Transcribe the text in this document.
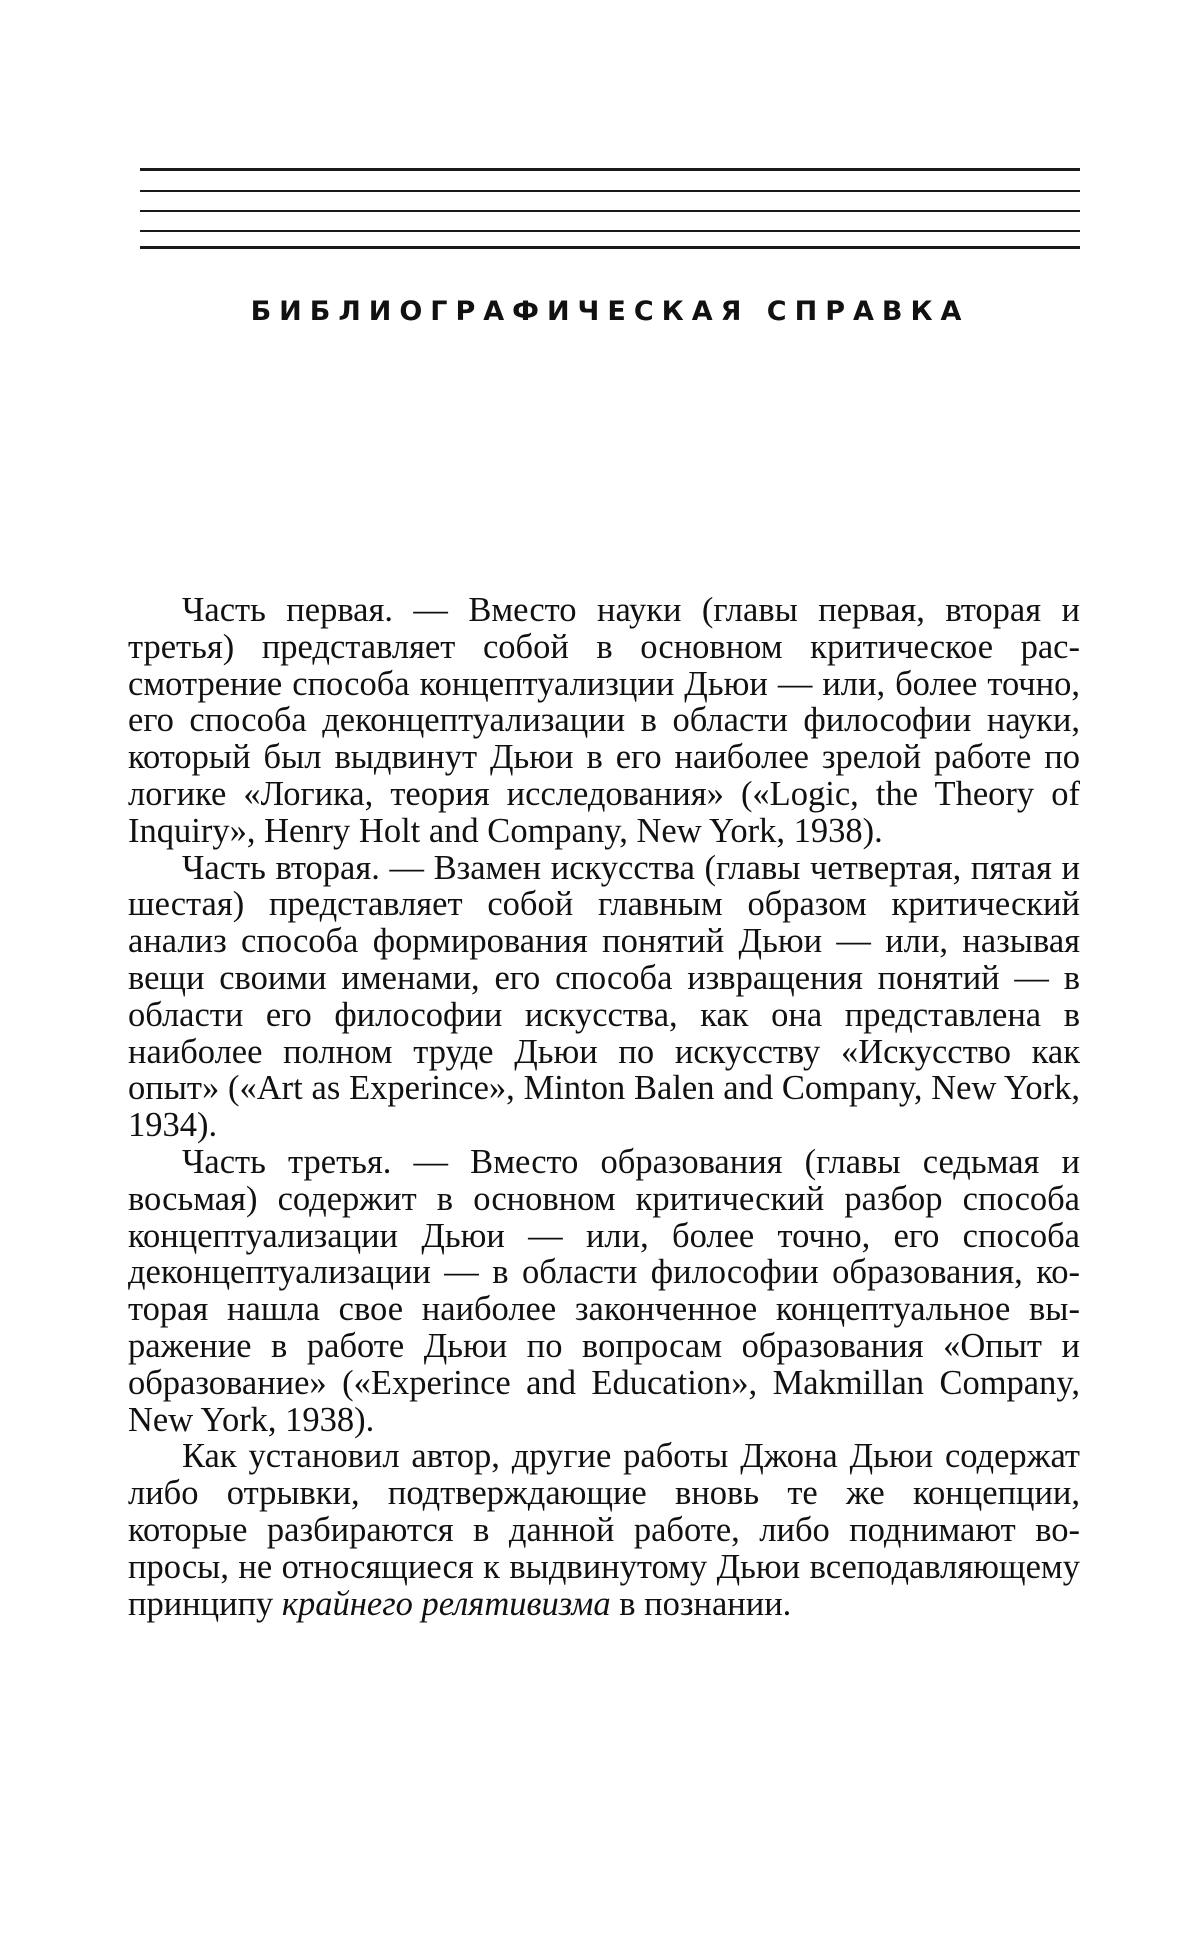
БИБЛИОГРАФИЧЕСКАЯ СПРАВКА

Часть первая. — Вместо науки (главы первая, вторая и третья) представляет собой в основном критическое рассмотрение способа концептуализции Дьюи — или, более точно, его способа деконцептуализации в области философии науки, который был выдвинут Дьюи в его наиболее зрелой работе по логике «Логика, теория исследования» («Logic, the Theory of Inquiry», Henry Holt and Company, New York, 1938).

Часть вторая. — Взамен искусства (главы четвертая, пятая и шестая) представляет собой главным образом критический анализ способа формирования понятий Дьюи — или, называя вещи своими именами, его способа извращения понятий — в области его философии искусства, как она представлена в наиболее полном труде Дьюи по искусству «Искусство как опыт» («Art as Experince», Minton Balen and Company, New York, 1934).

Часть третья. — Вместо образования (главы седьмая и восьмая) содержит в основном критический разбор способа концептуализации Дьюи — или, более точно, его способа деконцептуализации — в области философии образования, которая нашла свое наиболее законченное концептуальное выражение в работе Дьюи по вопросам образования «Опыт и образование» («Experince and Education», Makmillan Company, New York, 1938).

Как установил автор, другие работы Джона Дьюи содержат либо отрывки, подтверждающие вновь те же концепции, которые разбираются в данной работе, либо поднимают вопросы, не относящиеся к выдвинутому Дьюи всеподавляющему принципу крайнего релятивизма в познании.
